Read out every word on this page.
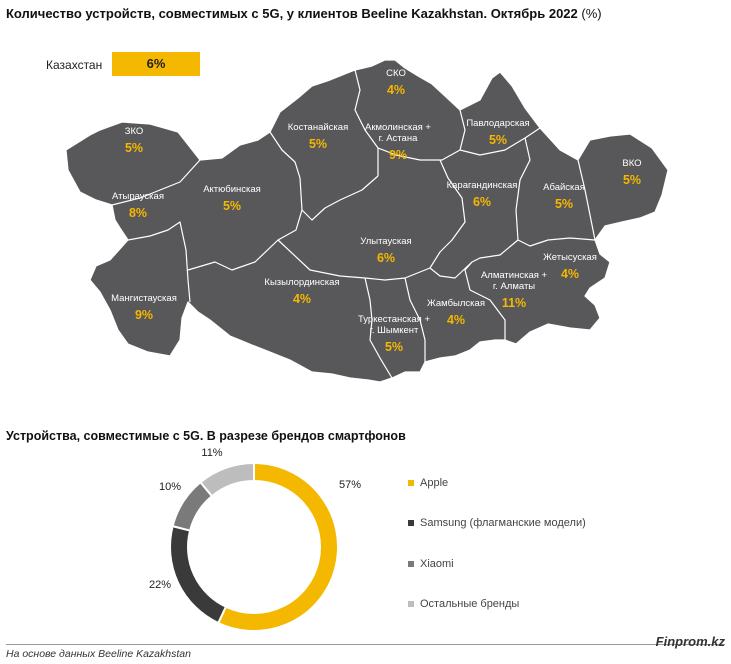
Количество устройств, совместимых с 5G, у клиентов Beeline Kazakhstan. Октябрь 2022 (%)
СКО
4%
Костанайская
5%
Акмолинская +
г. Астана
9%
Павлодарская
5%
ЗКО
5%
ВКО
5%
Атырауская
8%
Актюбинская
5%
Карагандинская
6%
Абайская
5%
Улытауская
6%	Жетысуская
4%
Кызылординская
4%
Алматинская +
г. Алматы
11%
Мангистауская
9%
Жамбылская
4%
Туркестанская +
г. Шымкент
5%
Казахстан	6%
Устройства, совместимые с 5G. В разрезе брендов смартфонов
57%
22%
10%
11%
Apple
Samsung (флагманские модели)
Xiaomi
Остальные бренды
На основе данных Beeline Kazakhstan
Finprom.kz
